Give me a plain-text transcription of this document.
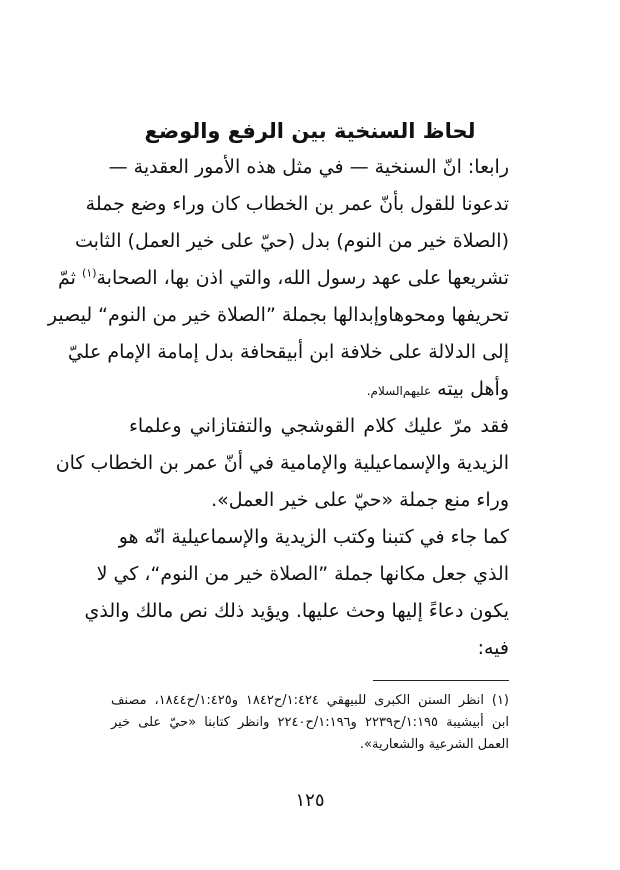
لحاظ السنخية بين الرفع والوضع
رابعا: انّ السنخية — في مثل هذه الأمور العقدية —
تدعونا للقول بأنّ عمر بن الخطاب كان وراء وضع جملة
(الصلاة خير من النوم) بدل (حيّ على خير العمل) الثابت
تشريعها على عهد رسول الله، والتي اذن بها، الصحابة$^{(١)}$ ثمّ
تحريفها ومحوهاوإبدالها بجملة ”الصلاة خير من النوم“ ليصير
إلى الدلالة على خلافة ابن أبيقحافة بدل إمامة الإمام عليّ
وأهل بيته عليهم‌السلام.
فقد مرّ عليك كلام القوشجي والتفتازاني وعلماء
الزيدية والإسماعيلية والإمامية في أنّ عمر بن الخطاب كان
وراء منع جملة «حيّ على خير العمل».
كما جاء في كتبنا وكتب الزيدية والإسماعيلية انّه هو
الذي جعل مكانها جملة ”الصلاة خير من النوم“، كي لا
يكون دعاءً إليها وحث عليها. ويؤيد ذلك نص مالك والذي
فيه:
(١) انظر السنن الكبرى للبيهقي ١:٤٢٤/ح١٨٤٢ و١:٤٢٥/ح١٨٤٤، مصنف
ابن أبيشيبة ١:١٩٥/ح٢٢٣٩ و١:١٩٦/ح٢٢٤٠ وانظر كتابنا «حيّ على خير
العمل الشرعية والشعارية».
١٢٥
